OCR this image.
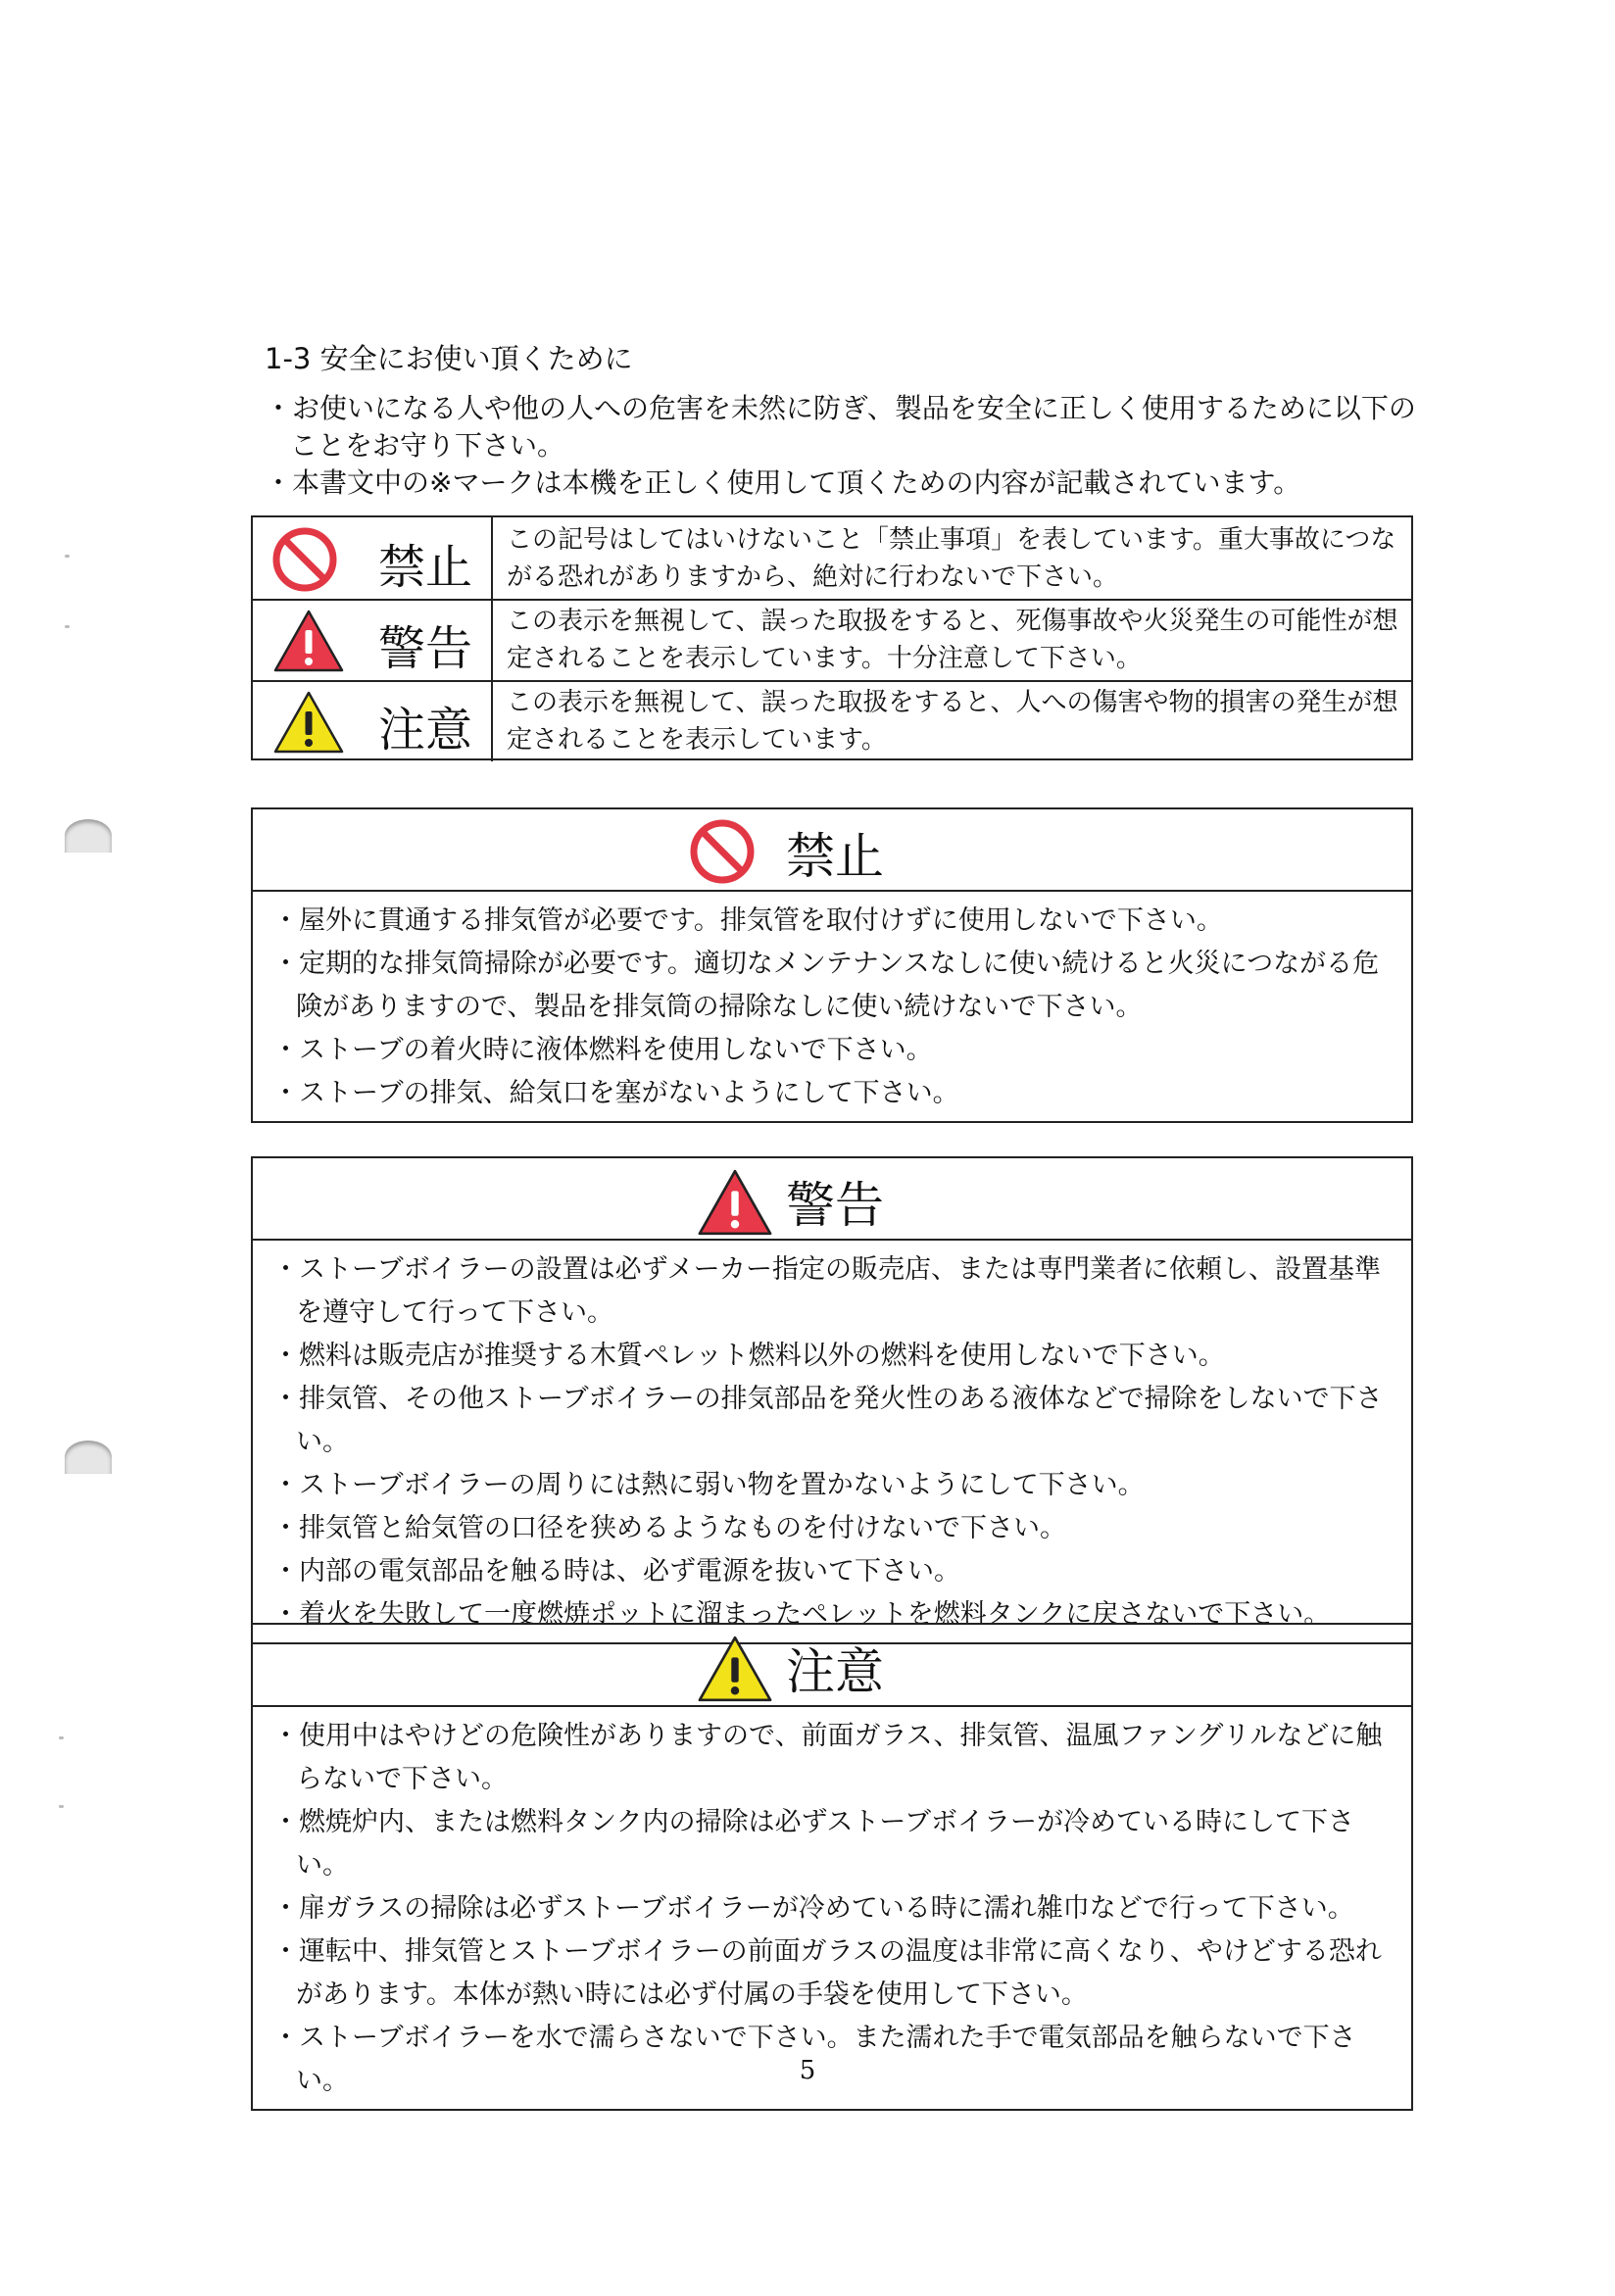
1-3 安全にお使い頂くために
・お使いになる人や他の人への危害を未然に防ぎ、製品を安全に正しく使用するために以下のことをお守り下さい。
・本書文中の※マークは本機を正しく使用して頂くための内容が記載されています。
禁止 この記号はしてはいけないこと「禁止事項」を表しています。重大事故につながる恐れがありますから、絶対に行わないで下さい。
警告 この表示を無視して、誤った取扱をすると、死傷事故や火災発生の可能性が想定されることを表示しています。十分注意して下さい。
注意 この表示を無視して、誤った取扱をすると、人への傷害や物的損害の発生が想定されることを表示しています。
禁止
・屋外に貫通する排気管が必要です。排気管を取付けずに使用しないで下さい。
・定期的な排気筒掃除が必要です。適切なメンテナンスなしに使い続けると火災につながる危険がありますので、製品を排気筒の掃除なしに使い続けないで下さい。
・ストーブの着火時に液体燃料を使用しないで下さい。
・ストーブの排気、給気口を塞がないようにして下さい。
警告
・ストーブボイラーの設置は必ずメーカー指定の販売店、または専門業者に依頼し、設置基準を遵守して行って下さい。
・燃料は販売店が推奨する木質ペレット燃料以外の燃料を使用しないで下さい。
・排気管、その他ストーブボイラーの排気部品を発火性のある液体などで掃除をしないで下さい。
・ストーブボイラーの周りには熱に弱い物を置かないようにして下さい。
・排気管と給気管の口径を狭めるようなものを付けないで下さい。
・内部の電気部品を触る時は、必ず電源を抜いて下さい。
・着火を失敗して一度燃焼ポットに溜まったペレットを燃料タンクに戻さないで下さい。
注意
・使用中はやけどの危険性がありますので、前面ガラス、排気管、温風ファングリルなどに触らないで下さい。
・燃焼炉内、または燃料タンク内の掃除は必ずストーブボイラーが冷めている時にして下さい。
・扉ガラスの掃除は必ずストーブボイラーが冷めている時に濡れ雑巾などで行って下さい。
・運転中、排気管とストーブボイラーの前面ガラスの温度は非常に高くなり、やけどする恐れがあります。本体が熱い時には必ず付属の手袋を使用して下さい。
・ストーブボイラーを水で濡らさないで下さい。また濡れた手で電気部品を触らないで下さい。	5
